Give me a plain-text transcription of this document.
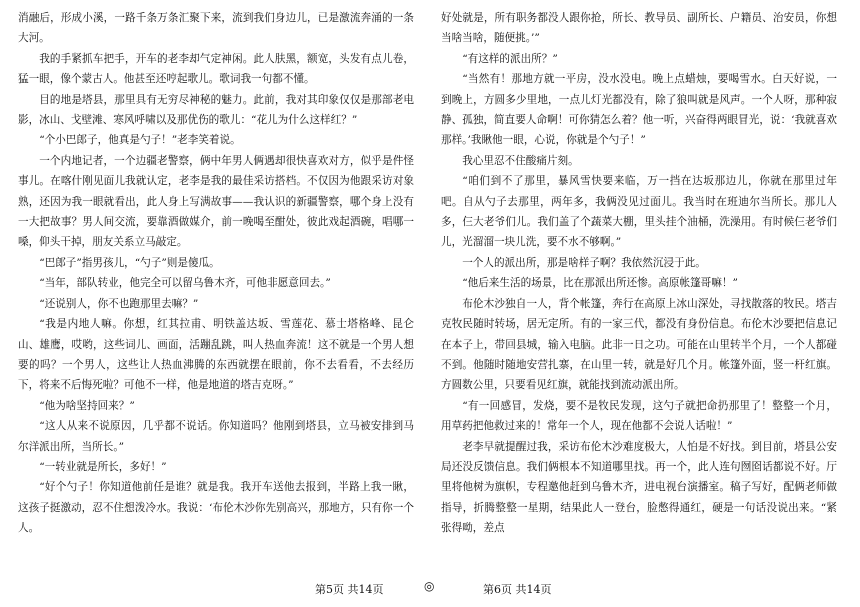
消融后，形成小溪，一路千条万条汇聚下来，流到我们身边儿，已是激流奔涌的一条大河。

我的手紧抓车把手，开车的老李却气定神闲。此人肤黑，额宽，头发有点儿卷，猛一眼，像个蒙古人。他甚至还哼起歌儿。歌词我一句都不懂。

目的地是塔县，那里具有无穷尽神秘的魅力。此前，我对其印象仅仅是那部老电影，冰山、戈壁滩、寒风呼啸以及那优伤的歌儿：“花儿为什么这样红？”

“个小巴郎子，他真是勺子！”老李笑着说。

一个内地记者，一个边疆老警察，俩中年男人俩遇却很快喜欢对方，似乎是件怪事儿。在喀什刚见面儿我就认定，老李是我的最佳采访搭档。不仅因为他跟采访对象熟，还因为我一眼就看出，此人身上写满故事——我认识的新疆警察，哪个身上没有一大把故事？男人间交流，要靠酒做媒介，前一晚喝至酣处，彼此戏起酒碗，唱哪一嗓，仰头干掉，朋友关系立马敲定。

“巴郎子”指男孩儿，“勺子”则是傻瓜。

“当年，部队转业，他完全可以留乌鲁木齐，可他非愿意回去。”

“还说别人，你不也跑那里去嘛？”

“我是内地人嘛。你想，红其拉甫、明铁盖达坂、雪莲花、慕士塔格峰、昆仑山、雄鹰，哎哟，这些词儿、画面，活蹦乱跳，叫人热血奔流！这不就是一个男人想要的吗？一个男人，这些让人热血沸腾的东西就摆在眼前，你不去看看，不去经历下，将来不后悔死啦？可他不一样，他是地道的塔吉克呀。”

“他为啥坚持回来？”

“这人从来不说原因，几乎都不说话。你知道吗？他刚到塔县，立马被安排到马尔洋派出所，当所长。”

“一转业就是所长，多好！”

“好个勺子！你知道他前任是谁？就是我。我开车送他去报到，半路上我一瞅，这孩子挺激动，忍不住想泼冷水。我说：‘布伦木沙你先别高兴，那地方，只有你一个人。

好处就是，所有职务都没人跟你抢，所长、教导员、副所长、户籍员、治安员，你想当啥当啥，随便挑。’”

“有这样的派出所？”

“当然有！那地方就一平房，没水没电。晚上点蜡烛，要喝雪水。白天好说，一到晚上，方圆多少里地，一点儿灯光都没有，除了狼叫就是风声。一个人呀，那种寂静、孤独，简直要人命啊！可你猜怎么着？他一听，兴奋得两眼冒光，说：‘我就喜欢那样。’我瞅他一眼，心说，你就是个勺子！”

我心里忍不住酸痛片刻。

“咱们到不了那里，暴风雪快要来临，万一挡在达坂那边儿，你就在那里过年吧。自从勺子去那里，两年多，我俩没见过面儿。我当时在班迪尔当所长。那儿人多，仨大老爷们儿。我们盖了个蔬菜大棚，里头挂个油桶，洗澡用。有时候仨老爷们儿，光溜溜一块儿洗，要不水不够啊。”

一个人的派出所，那是啥样子啊？我依然沉浸于此。

“他后来生活的场景，比在那派出所还惨。高原帐篷哥嘛！”

布伦木沙独自一人，背个帐篷，奔行在高原上冰山深处，寻找散落的牧民。塔吉克牧民随时转场，居无定所。有的一家三代，都没有身份信息。布伦木沙要把信息记在本子上，带回县城，输入电脑。此非一日之功。可能在山里转半个月，一个人都碰不到。他随时随地安营扎寨，在山里一转，就是好几个月。帐篷外面，竖一杆红旗。方圆数公里，只要看见红旗，就能找到流动派出所。

“有一回感冒，发烧，要不是牧民发现，这勺子就把命扔那里了！整整一个月，用草药把他救过来的！常年一个人，现在他都不会说人话啦！”

老李早就提醒过我，采访布伦木沙难度极大，人怕是不好找。到目前，塔县公安局还没反馈信息。我们俩根本不知道哪里找。再一个，此人连句囫囵话都说不好。厅里将他树为旗帜，专程邀他赶到乌鲁木齐，进电视台演播室。稿子写好，配俩老师做指导，折腾整整一星期，结果此人一登台，脸憋得通红，硬是一句话没说出来。“紧张得呦，差点

第5页 共14页	◎	第6页 共14页
